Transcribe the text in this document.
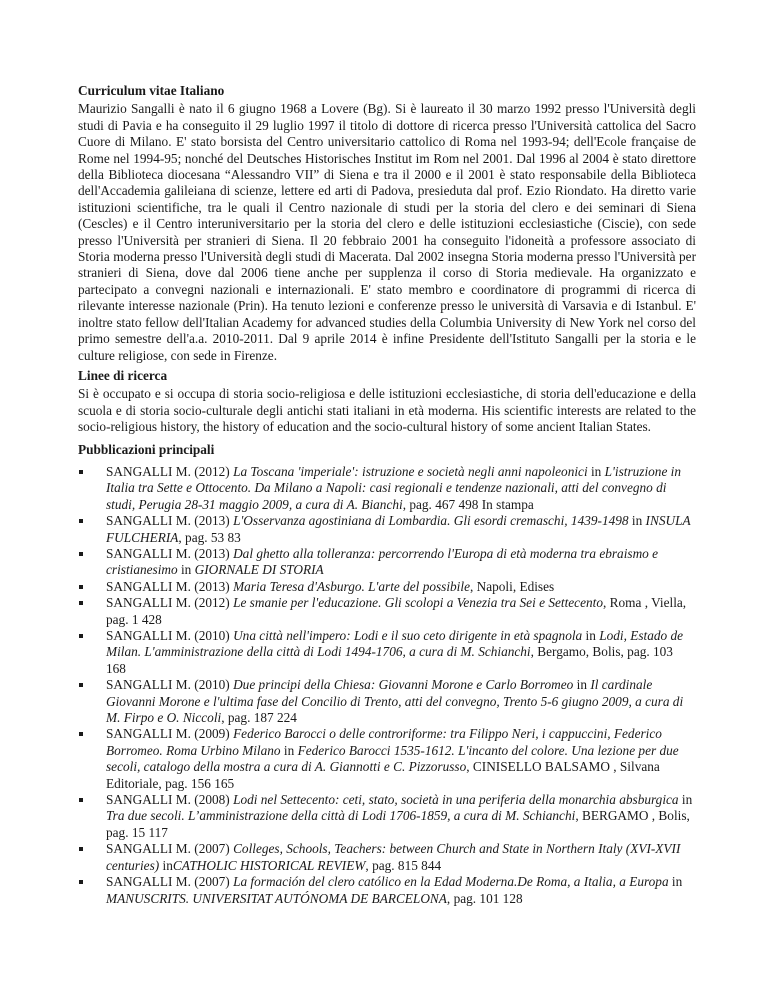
Curriculum vitae Italiano

Maurizio Sangalli è nato il 6 giugno 1968 a Lovere (Bg). Si è laureato il 30 marzo 1992 presso l'Università degli studi di Pavia e ha conseguito il 29 luglio 1997 il titolo di dottore di ricerca presso l'Università cattolica del Sacro Cuore di Milano. E' stato borsista del Centro universitario cattolico di Roma nel 1993-94; dell'Ecole française de Rome nel 1994-95; nonché del Deutsches Historisches Institut im Rom nel 2001. Dal 1996 al 2004 è stato direttore della Biblioteca diocesana “Alessandro VII” di Siena e tra il 2000 e il 2001 è stato responsabile della Biblioteca dell'Accademia galileiana di scienze, lettere ed arti di Padova, presieduta dal prof. Ezio Riondato. Ha diretto varie istituzioni scientifiche, tra le quali il Centro nazionale di studi per la storia del clero e dei seminari di Siena (Cescles) e il Centro interuniversitario per la storia del clero e delle istituzioni ecclesiastiche (Ciscie), con sede presso l'Università per stranieri di Siena. Il 20 febbraio 2001 ha conseguito l'idoneità a professore associato di Storia moderna presso l'Università degli studi di Macerata. Dal 2002 insegna Storia moderna presso l'Università per stranieri di Siena, dove dal 2006 tiene anche per supplenza il corso di Storia medievale. Ha organizzato e partecipato a convegni nazionali e internazionali. E' stato membro e coordinatore di programmi di ricerca di rilevante interesse nazionale (Prin). Ha tenuto lezioni e conferenze presso le università di Varsavia e di Istanbul. E' inoltre stato fellow dell'Italian Academy for advanced studies della Columbia University di New York nel corso del primo semestre dell'a.a. 2010-2011. Dal 9 aprile 2014 è infine Presidente dell'Istituto Sangalli per la storia e le culture religiose, con sede in Firenze.

Linee di ricerca

Si è occupato e si occupa di storia socio-religiosa e delle istituzioni ecclesiastiche, di storia dell'educazione e della scuola e di storia socio-culturale degli antichi stati italiani in età moderna. His scientific interests are related to the socio-religious history, the history of education and the socio-cultural history of some ancient Italian States.

Pubblicazioni principali
SANGALLI M. (2012) La Toscana 'imperiale': istruzione e società negli anni napoleonici in L'istruzione in Italia tra Sette e Ottocento. Da Milano a Napoli: casi regionali e tendenze nazionali, atti del convegno di studi, Perugia 28-31 maggio 2009, a cura di A. Bianchi, pag. 467 498 In stampa
SANGALLI M. (2013) L'Osservanza agostiniana di Lombardia. Gli esordi cremaschi, 1439-1498 in INSULA FULCHERIA, pag. 53 83
SANGALLI M. (2013) Dal ghetto alla tolleranza: percorrendo l'Europa di età moderna tra ebraismo e cristianesimo in GIORNALE DI STORIA
SANGALLI M. (2013) Maria Teresa d'Asburgo. L'arte del possibile, Napoli, Edises
SANGALLI M. (2012) Le smanie per l'educazione. Gli scolopi a Venezia tra Sei e Settecento, Roma , Viella, pag. 1 428
SANGALLI M. (2010) Una città nell'impero: Lodi e il suo ceto dirigente in età spagnola in Lodi, Estado de Milan. L'amministrazione della città di Lodi 1494-1706, a cura di M. Schianchi, Bergamo, Bolis, pag. 103 168
SANGALLI M. (2010) Due principi della Chiesa: Giovanni Morone e Carlo Borromeo in Il cardinale Giovanni Morone e l'ultima fase del Concilio di Trento, atti del convegno, Trento 5-6 giugno 2009, a cura di M. Firpo e O. Niccoli, pag. 187 224
SANGALLI M. (2009) Federico Barocci o delle controriforme: tra Filippo Neri, i cappuccini, Federico Borromeo. Roma Urbino Milano in Federico Barocci 1535-1612. L'incanto del colore. Una lezione per due secoli, catalogo della mostra a cura di A. Giannotti e C. Pizzorusso, CINISELLO BALSAMO , Silvana Editoriale, pag. 156 165
SANGALLI M. (2008) Lodi nel Settecento: ceti, stato, società in una periferia della monarchia absburgica in Tra due secoli. L’amministrazione della città di Lodi 1706-1859, a cura di M. Schianchi, BERGAMO , Bolis, pag. 15 117
SANGALLI M. (2007) Colleges, Schools, Teachers: between Church and State in Northern Italy (XVI-XVII centuries) inCATHOLIC HISTORICAL REVIEW, pag. 815 844
SANGALLI M. (2007) La formación del clero católico en la Edad Moderna.De Roma, a Italia, a Europa in MANUSCRITS. UNIVERSITAT AUTÓNOMA DE BARCELONA, pag. 101 128
